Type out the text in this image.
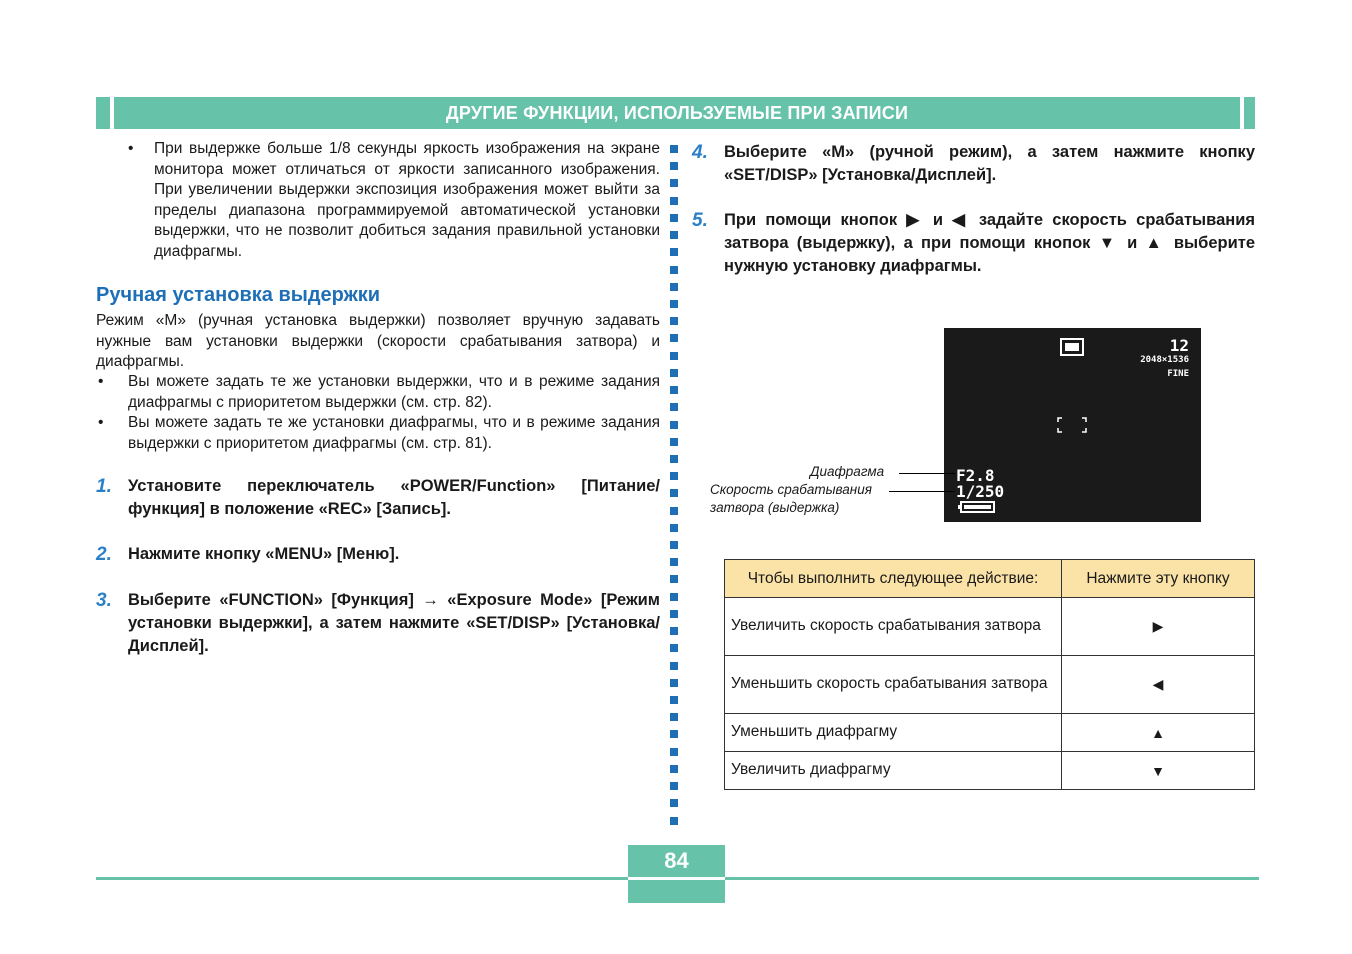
ДРУГИЕ ФУНКЦИИ, ИСПОЛЬЗУЕМЫЕ ПРИ ЗАПИСИ
•	При выдержке больше 1/8 секунды яркость изображения на экране монитора может отличаться от яркости записанного изображения. При увеличении выдержки экспозиция изображения может выйти за пределы диапазона программируемой автоматической установки выдержки, что не позволит добиться задания правильной установки диафрагмы.
Ручная установка выдержки
Режим «M» (ручная установка выдержки) позволяет вручную задавать нужные вам установки выдержки (скорости срабатывания затвора) и диафрагмы.
•	Вы можете задать те же установки выдержки, что и в режиме задания диафрагмы с приоритетом выдержки (см. стр. 82).
•	Вы можете задать те же установки диафрагмы, что и в режиме задания выдержки с приоритетом диафрагмы (см. стр. 81).
1. Установите переключатель «POWER/Function» [Питание/функция] в положение «REC» [Запись].
2. Нажмите кнопку «MENU» [Меню].
3. Выберите «FUNCTION» [Функция] → «Exposure Mode» [Режим установки выдержки], а затем нажмите «SET/DISP» [Установка/Дисплей].
4. Выберите «M» (ручной режим), а затем нажмите кнопку «SET/DISP» [Установка/Дисплей].
5. При помощи кнопок ▶ и ◀ задайте скорость срабатывания затвора (выдержку), а при помощи кнопок ▼ и ▲ выберите нужную установку диафрагмы.
12
2048×1536
FINE
F2.8
1/250
Диафрагма
Скорость срабатывания
затвора (выдержка)
Чтобы выполнить следующее действие:	Нажмите эту кнопку
Увеличить скорость срабатывания затвора	▶
Уменьшить скорость срабатывания затвора	◀
Уменьшить диафрагму	▲
Увеличить диафрагму	▼
84
